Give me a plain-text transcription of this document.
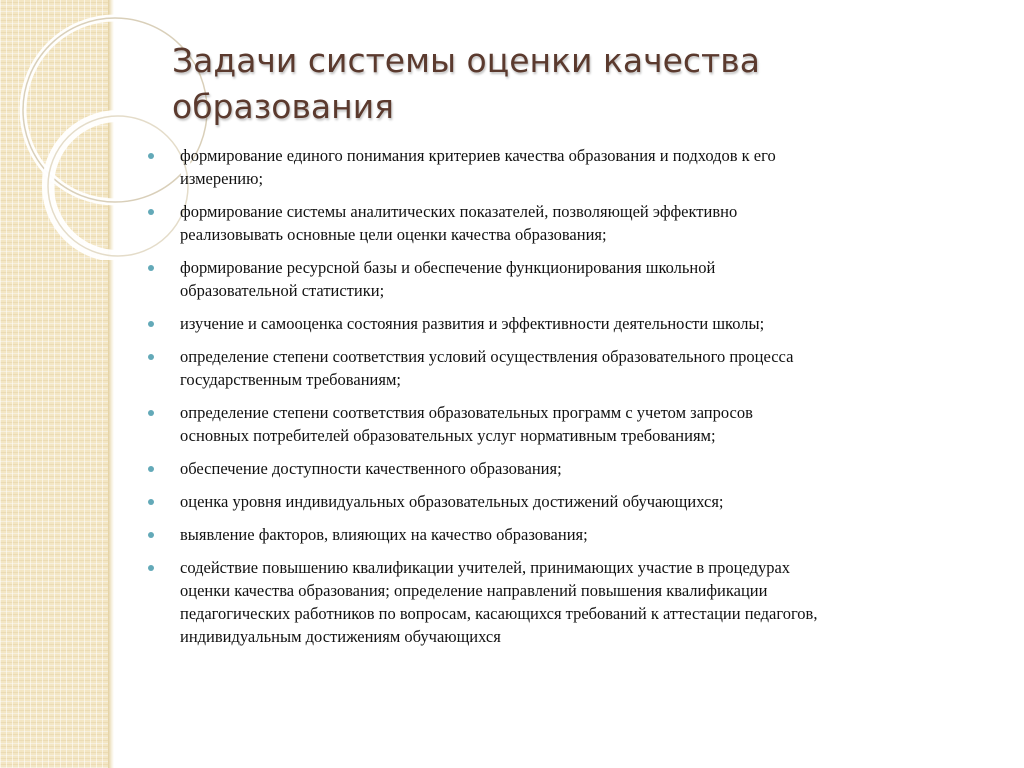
Задачи системы оценки качества образования
формирование единого понимания критериев качества образования и подходов к его
измерению;
формирование системы аналитических показателей, позволяющей эффективно
реализовывать основные цели оценки качества образования;
формирование ресурсной базы и обеспечение функционирования школьной
образовательной статистики;
изучение и самооценка состояния развития и эффективности деятельности школы;
определение степени соответствия условий осуществления образовательного процесса
государственным требованиям;
определение степени соответствия образовательных программ с учетом запросов
основных потребителей образовательных услуг нормативным требованиям;
обеспечение доступности качественного образования;
оценка уровня индивидуальных образовательных достижений обучающихся;
выявление факторов, влияющих на качество образования;
содействие повышению квалификации учителей, принимающих участие в процедурах
оценки качества образования; определение направлений повышения квалификации
педагогических работников по вопросам, касающихся требований к аттестации педагогов,
индивидуальным достижениям обучающихся
